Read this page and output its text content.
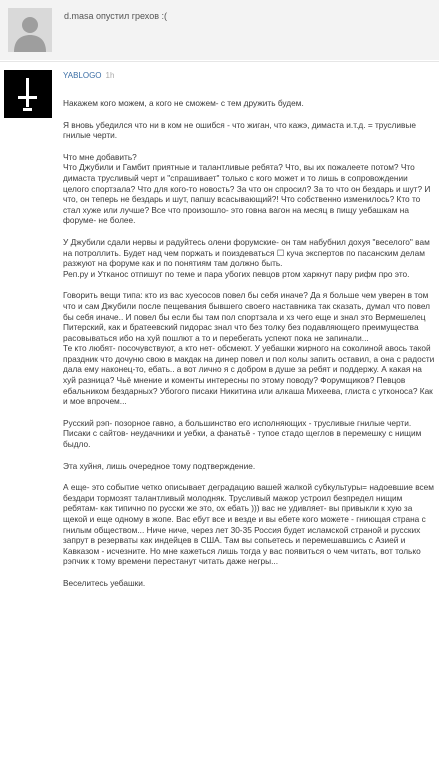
d.masa опустил грехов :(
YABLOGO 1h

Накажем кого можем, а кого не сможем- с тем дружить будем.

Я вновь убедился что ни в ком не ошибся - что жиган, что кажэ, димаста и.т.д. = трусливые гнилые черти.

Что мне добавить?
Что Джубили и Гамбит приятные и талантливые ребята? Что, вы их пожалеете потом? Что димаста трусливый черт и "спрашивает" только с кого может и то лишь в сопровождении целого спортзала? Что для кого-то новость? За что он спросил? За то что он бездарь и шут? И что, он теперь не бездарь и шут, папшу всасывающий?! Что собственно изменилось? Кто то стал хуже или лучше? Все что произошло- это говна вагон на месяц в пищу уебашкам на форуме- не более.

У Джубили сдали нервы и радуйтесь олени форумские- он там набубнил дохуя "веселого" вам на потроллить. Будет над чем поржать и поиздеваться ☐ куча экспертов по пасанским делам разжуют на форуме как и по понятиям там должно быть.
Реп.ру и Утканос отпишут по теме и пара убогих певцов ртом харкнут пару рифм про это.

Говорить вещи типа: кто из вас хуесосов повел бы себя иначе? Да я больше чем уверен в том что и сам Джубили после пещевания бывшего своего наставника так сказать, думал что повел бы себя иначе.. И повел бы если бы там пол спортзала и хз чего еще и знал это Вермешелец Питерский, как и братеевский пидорас знал что без толку без подавляющего преимущества расовываться ибо на хуй пошлют а то и перебегать успеют пока не запинали...
Те кто любят- посочувствуют, а кто нет- обсмеют. У уебашки жирного на соколиной авось такой праздник что дочуню свою в макдак на динер повел и пол колы запить оставил, а она с радости дала ему наконец-то, ебать.. а вот лично я с добром в душе за ребят и поддержу. А какая на хуй разница? Чьё мнение и коменты интересны по этому поводу? Форумщиков? Певцов ебальником бездарных? Убогого писаки Никитина или алкаша Михеева, глиста с утконоса? Как и мое впрочем...

Русский рэп- позорное гавно, а большинство его исполняющих - трусливые гнилые черти. Писаки с сайтов- неудачники и уебки, а фанатьё - тупое стадо щеглов в перемешку с нищим быдло.

Эта хуйня, лишь очередное тому подтверждение.

А еще- это событие четко описывает деградацию вашей жалкой субкультуры= надоевшие всем бездари тормозят талантливый молодняк. Трусливый мажор устроил безпредел нищим ребятам- как типично по русски же это, ох ебать ))) вас не удивляет- вы привыкли к хую за щекой и еще одному в жопе. Вас ебут все и везде и вы ебете кого можете - гниющая страна с гнилым обществом... Ниче ниче, через лет 30-35 Россия будет исламской страной и русских запрут в резерваты как индейцев в США. Там вы сопьетесь и перемешавшись с Азией и Кавказом - исчезните. Но мне кажеться лишь тогда у вас появиться о чем читать, вот только рэпчик к тому времени перестанут читать даже негры...

Веселитесь уебашки.
